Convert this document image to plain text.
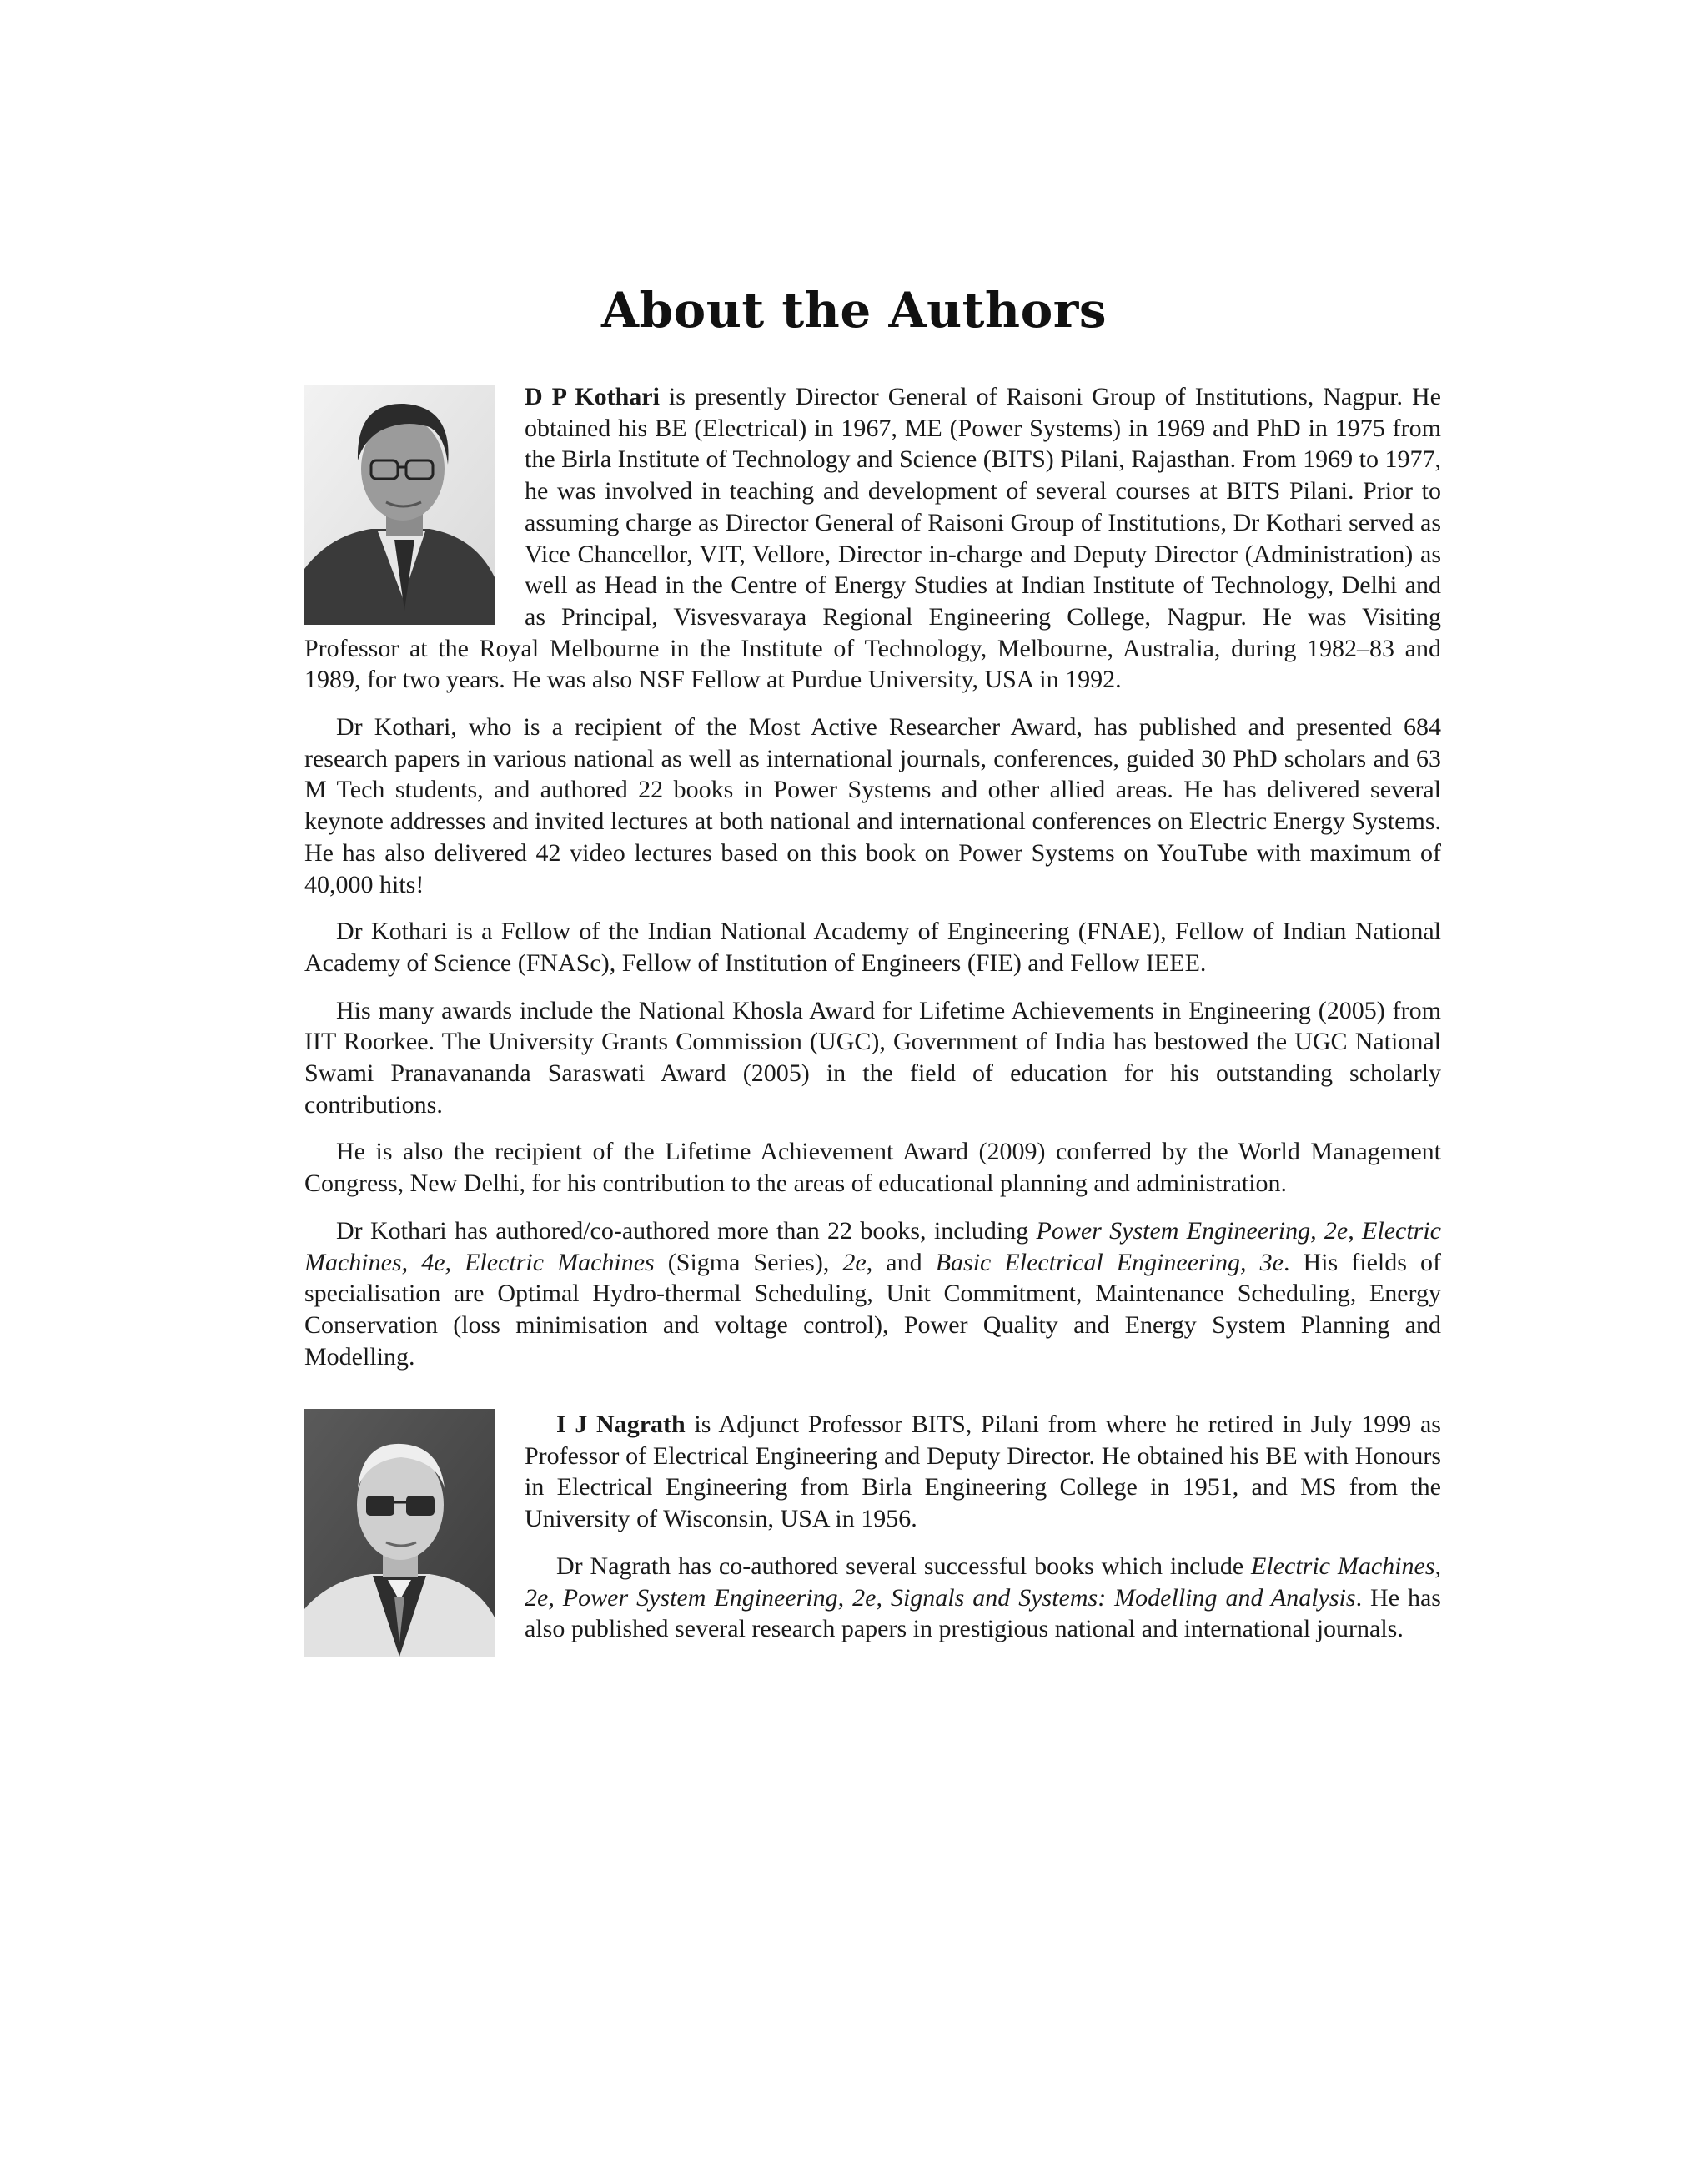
About the Authors

D P Kothari is presently Director General of Raisoni Group of Institutions, Nagpur. He obtained his BE (Electrical) in 1967, ME (Power Systems) in 1969 and PhD in 1975 from the Birla Institute of Technology and Science (BITS) Pilani, Rajasthan. From 1969 to 1977, he was involved in teaching and development of several courses at BITS Pilani. Prior to assuming charge as Director General of Raisoni Group of Institutions, Dr Kothari served as Vice Chancellor, VIT, Vellore, Director in-charge and Deputy Director (Administration) as well as Head in the Centre of Energy Studies at Indian Institute of Technology, Delhi and as Principal, Visvesvaraya Regional Engineering College, Nagpur. He was Visiting Professor at the Royal Melbourne in the Institute of Technology, Melbourne, Australia, during 1982–83 and 1989, for two years. He was also NSF Fellow at Purdue University, USA in 1992.

Dr Kothari, who is a recipient of the Most Active Researcher Award, has published and presented 684 research papers in various national as well as international journals, conferences, guided 30 PhD scholars and 63 M Tech students, and authored 22 books in Power Systems and other allied areas. He has delivered several keynote addresses and invited lectures at both national and international conferences on Electric Energy Systems. He has also delivered 42 video lectures based on this book on Power Systems on YouTube with maximum of 40,000 hits!

Dr Kothari is a Fellow of the Indian National Academy of Engineering (FNAE), Fellow of Indian National Academy of Science (FNASc), Fellow of Institution of Engineers (FIE) and Fellow IEEE.

His many awards include the National Khosla Award for Lifetime Achievements in Engineering (2005) from IIT Roorkee. The University Grants Commission (UGC), Government of India has bestowed the UGC National Swami Pranavananda Saraswati Award (2005) in the field of education for his outstanding scholarly contributions.

He is also the recipient of the Lifetime Achievement Award (2009) conferred by the World Management Congress, New Delhi, for his contribution to the areas of educational planning and administration.

Dr Kothari has authored/co-authored more than 22 books, including Power System Engineering, 2e, Electric Machines, 4e, Electric Machines (Sigma Series), 2e, and Basic Electrical Engineering, 3e. His fields of specialisation are Optimal Hydro-thermal Scheduling, Unit Commitment, Maintenance Scheduling, Energy Conservation (loss minimisation and voltage control), Power Quality and Energy System Planning and Modelling.

I J Nagrath is Adjunct Professor BITS, Pilani from where he retired in July 1999 as Professor of Electrical Engineering and Deputy Director. He obtained his BE with Honours in Electrical Engineering from Birla Engineering College in 1951, and MS from the University of Wisconsin, USA in 1956.

Dr Nagrath has co-authored several successful books which include Electric Machines, 2e, Power System Engineering, 2e, Signals and Systems: Modelling and Analysis. He has also published several research papers in prestigious national and international journals.
